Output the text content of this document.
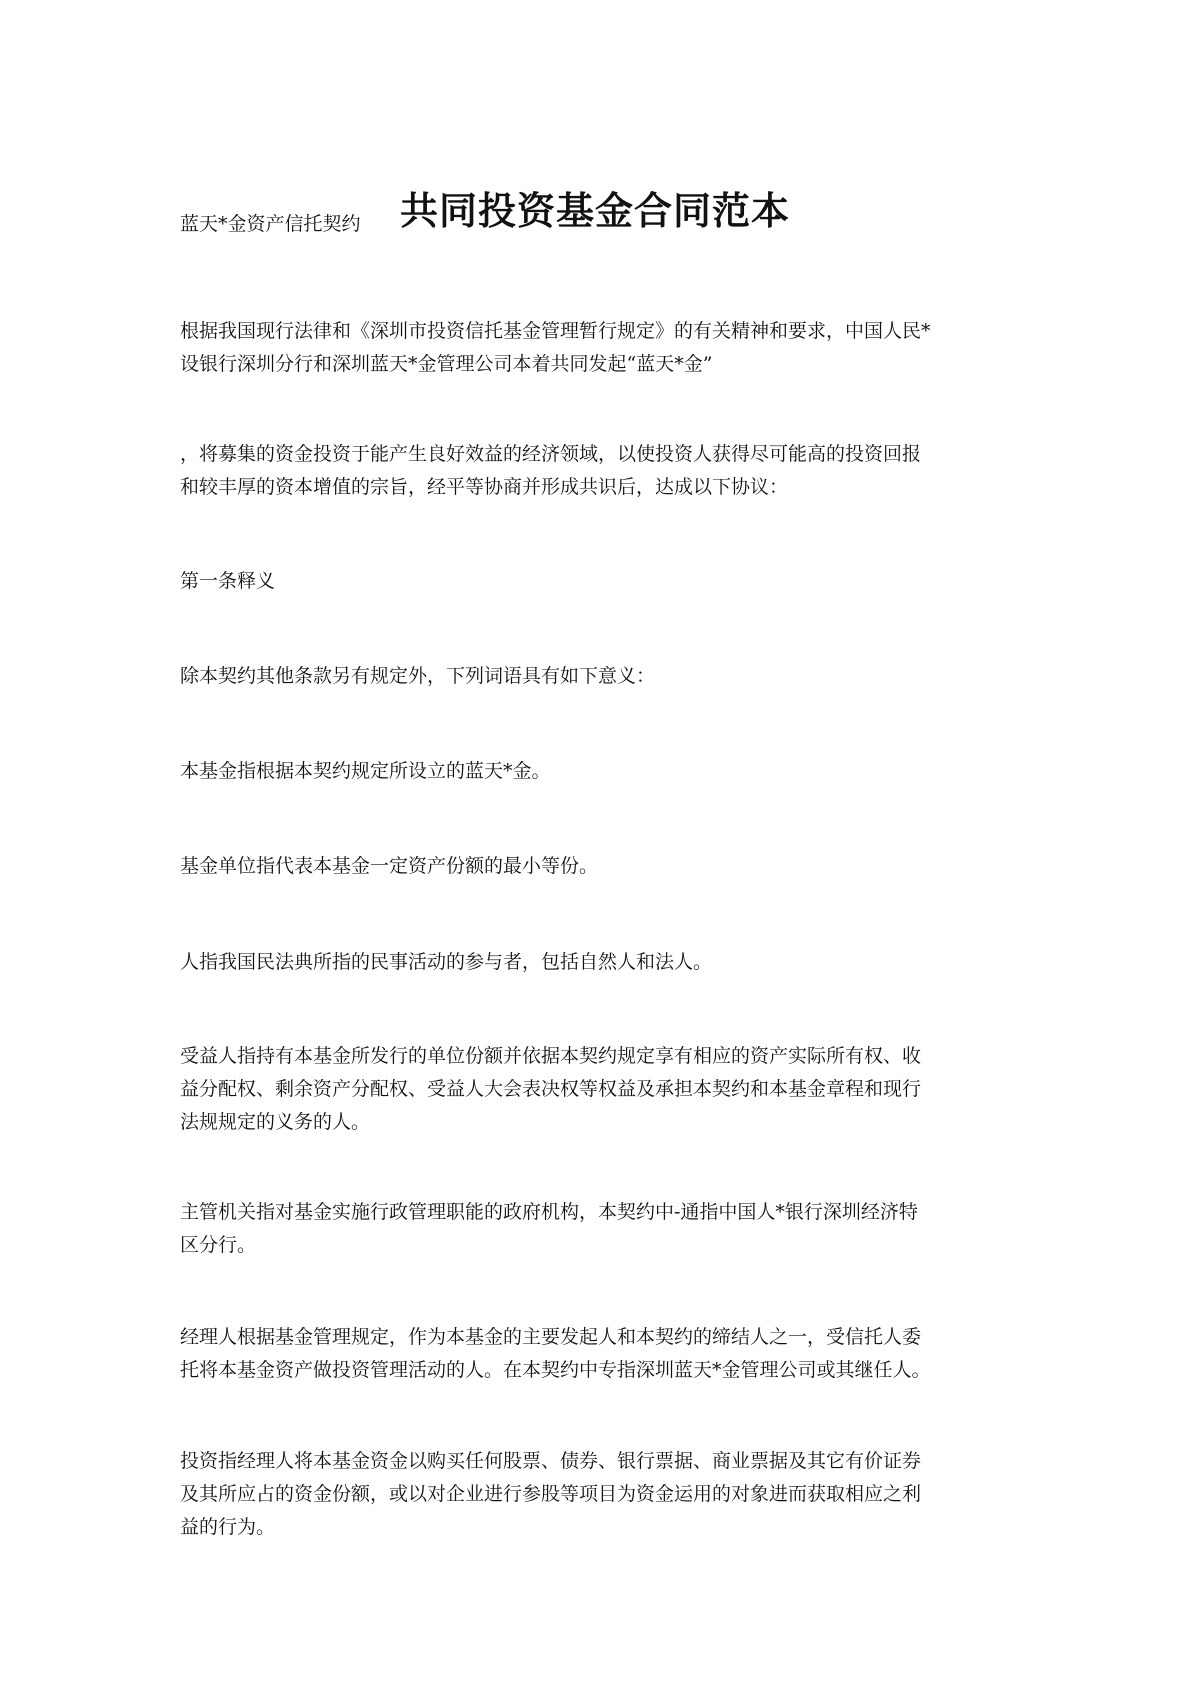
共同投资基金合同范本

蓝天*金资产信托契约

根据我国现行法律和《深圳市投资信托基金管理暂行规定》的有关精神和要求，中国人民*
设银行深圳分行和深圳蓝天*金管理公司本着共同发起“蓝天*金”

，将募集的资金投资于能产生良好效益的经济领域，以使投资人获得尽可能高的投资回报
和较丰厚的资本增值的宗旨，经平等协商并形成共识后，达成以下协议：

第一条释义

除本契约其他条款另有规定外，下列词语具有如下意义：

本基金指根据本契约规定所设立的蓝天*金。

基金单位指代表本基金一定资产份额的最小等份。

人指我国民法典所指的民事活动的参与者，包括自然人和法人。

受益人指持有本基金所发行的单位份额并依据本契约规定享有相应的资产实际所有权、收
益分配权、剩余资产分配权、受益人大会表决权等权益及承担本契约和本基金章程和现行
法规规定的义务的人。

主管机关指对基金实施行政管理职能的政府机构，本契约中-通指中国人*银行深圳经济特
区分行。

经理人根据基金管理规定，作为本基金的主要发起人和本契约的缔结人之一，受信托人委
托将本基金资产做投资管理活动的人。在本契约中专指深圳蓝天*金管理公司或其继任人。

投资指经理人将本基金资金以购买任何股票、债券、银行票据、商业票据及其它有价证券
及其所应占的资金份额，或以对企业进行参股等项目为资金运用的对象进而获取相应之利
益的行为。
